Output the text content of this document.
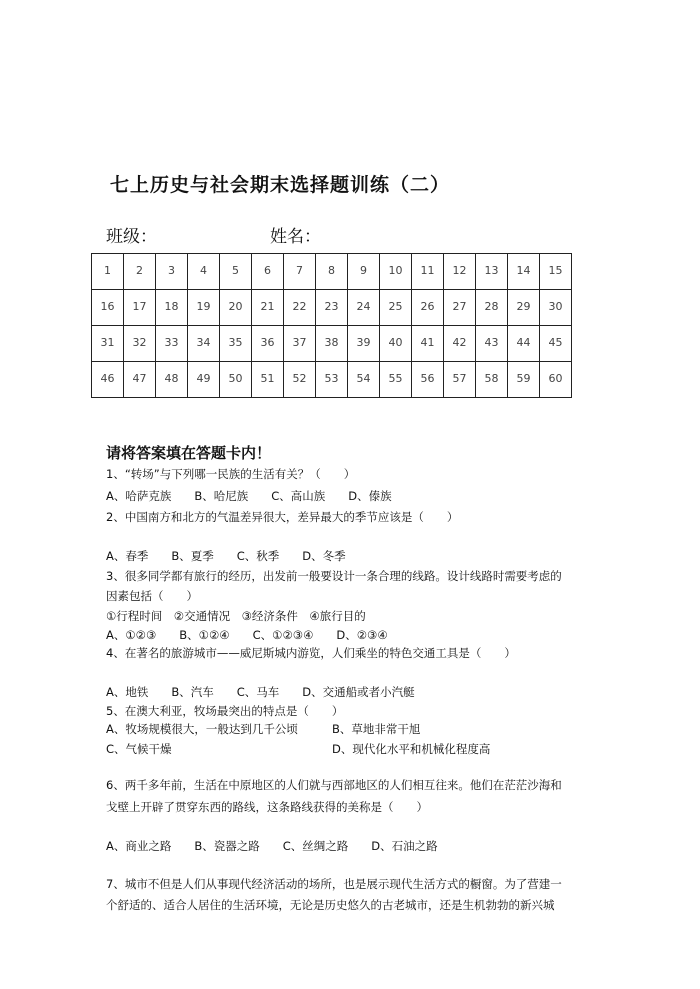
七上历史与社会期末选择题训练（二）
班级：	姓名：
1	2	3	4	5	6	7	8	9	10	11	12	13	14	15

16	17	18	19	20	21	22	23	24	25	26	27	28	29	30

31	32	33	34	35	36	37	38	39	40	41	42	43	44	45

46	47	48	49	50	51	52	53	54	55	56	57	58	59	60
请将答案填在答题卡内！
1、“转场”与下列哪一民族的生活有关？（　　）
A、哈萨克族　　B、哈尼族　　C、高山族　　D、傣族
2、中国南方和北方的气温差异很大，差异最大的季节应该是（　　）
A、春季　　B、夏季　　C、秋季　　D、冬季
3、很多同学都有旅行的经历，出发前一般要设计一条合理的线路。设计线路时需要考虑的
因素包括（　　）
①行程时间　②交通情况　③经济条件　④旅行目的
A、①②③　　B、①②④　　C、①②③④　　D、②③④
4、在著名的旅游城市——威尼斯城内游览，人们乘坐的特色交通工具是（　　）
A、地铁　　B、汽车　　C、马车　　D、交通船或者小汽艇
5、在澳大利亚，牧场最突出的特点是（　　）
A、牧场规模很大，一般达到几千公顷	B、草地非常干旭
C、气候干燥	D、现代化水平和机械化程度高
6、两千多年前，生活在中原地区的人们就与西部地区的人们相互往来。他们在茫茫沙海和
戈壁上开辟了贯穿东西的路线，这条路线获得的美称是（　　）
A、商业之路　　B、瓷器之路　　C、丝绸之路　　D、石油之路
7、城市不但是人们从事现代经济活动的场所，也是展示现代生活方式的橱窗。为了营建一
个舒适的、适合人居住的生活环境，无论是历史悠久的古老城市，还是生机勃勃的新兴城
